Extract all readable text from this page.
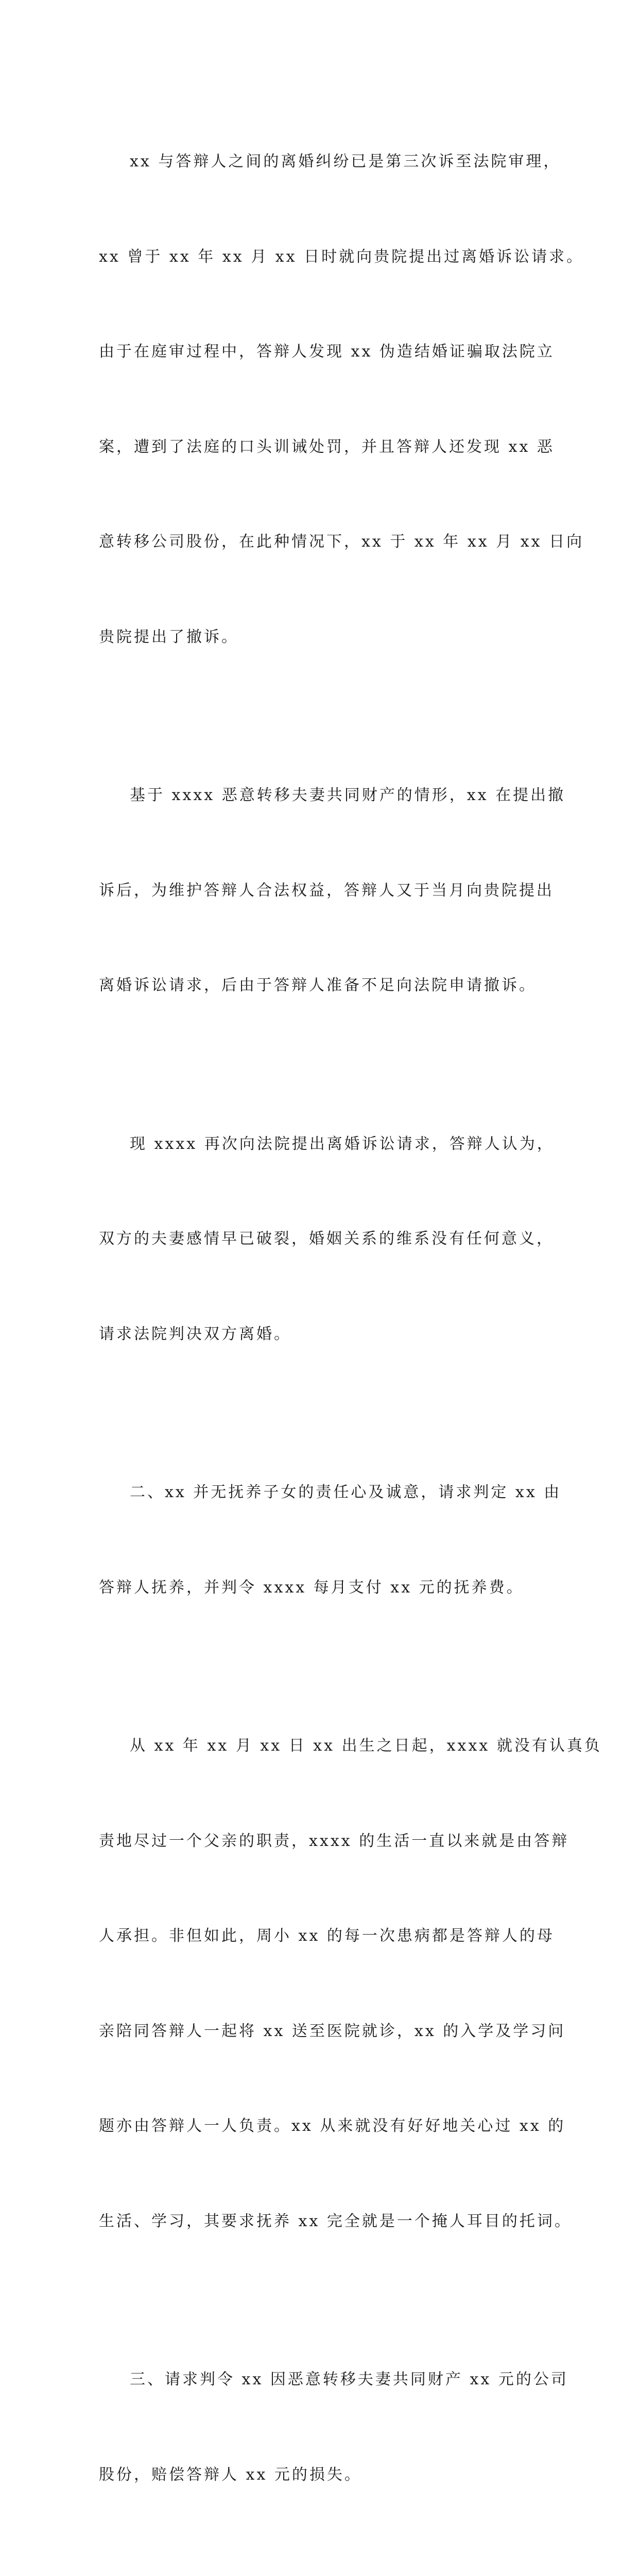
xx 与答辩人之间的离婚纠纷已是第三次诉至法院审理，

xx 曾于 xx 年 xx 月 xx 日时就向贵院提出过离婚诉讼请求。

由于在庭审过程中，答辩人发现 xx 伪造结婚证骗取法院立

案，遭到了法庭的口头训诫处罚，并且答辩人还发现 xx 恶

意转移公司股份，在此种情况下，xx 于 xx 年 xx 月 xx 日向

贵院提出了撤诉。

基于 xxxx 恶意转移夫妻共同财产的情形，xx 在提出撤

诉后，为维护答辩人合法权益，答辩人又于当月向贵院提出

离婚诉讼请求，后由于答辩人准备不足向法院申请撤诉。

现 xxxx 再次向法院提出离婚诉讼请求，答辩人认为，

双方的夫妻感情早已破裂，婚姻关系的维系没有任何意义，

请求法院判决双方离婚。

二、xx 并无抚养子女的责任心及诚意，请求判定 xx 由

答辩人抚养，并判令 xxxx 每月支付 xx 元的抚养费。

从 xx 年 xx 月 xx 日 xx 出生之日起，xxxx 就没有认真负

责地尽过一个父亲的职责，xxxx 的生活一直以来就是由答辩

人承担。非但如此，周小 xx 的每一次患病都是答辩人的母

亲陪同答辩人一起将 xx 送至医院就诊，xx 的入学及学习问

题亦由答辩人一人负责。xx 从来就没有好好地关心过 xx 的

生活、学习，其要求抚养 xx 完全就是一个掩人耳目的托词。

三、请求判令 xx 因恶意转移夫妻共同财产 xx 元的公司

股份，赔偿答辩人 xx 元的损失。
